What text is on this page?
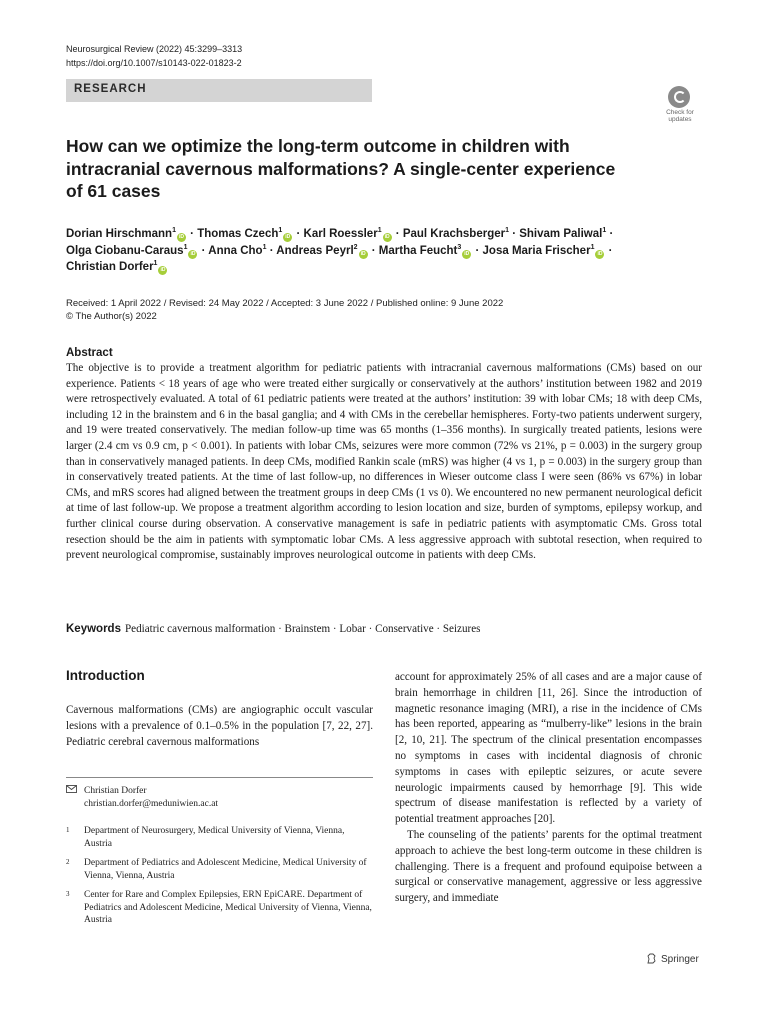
Neurosurgical Review (2022) 45:3299–3313
https://doi.org/10.1007/s10143-022-01823-2
RESEARCH
Check for
updates
How can we optimize the long-term outcome in children with intracranial cavernous malformations? A single-center experience of 61 cases
Dorian Hirschmann$^1$iD · Thomas Czech$^1$iD · Karl Roessler$^1$iD · Paul Krachsberger$^1$ · Shivam Paliwal$^1$ ·
Olga Ciobanu-Caraus$^1$iD · Anna Cho$^1$ · Andreas Peyrl$^2$iD · Martha Feucht$^3$iD · Josa Maria Frischer$^1$iD ·
Christian Dorfer$^1$iD
Received: 1 April 2022 / Revised: 24 May 2022 / Accepted: 3 June 2022 / Published online: 9 June 2022
© The Author(s) 2022
Abstract
The objective is to provide a treatment algorithm for pediatric patients with intracranial cavernous malformations (CMs) based on our experience. Patients < 18 years of age who were treated either surgically or conservatively at the authors’ institution between 1982 and 2019 were retrospectively evaluated. A total of 61 pediatric patients were treated at the authors’ institution: 39 with lobar CMs; 18 with deep CMs, including 12 in the brainstem and 6 in the basal ganglia; and 4 with CMs in the cerebellar hemispheres. Forty-two patients underwent surgery, and 19 were treated conservatively. The median follow-up time was 65 months (1–356 months). In surgically treated patients, lesions were larger (2.4 cm vs 0.9 cm, p < 0.001). In patients with lobar CMs, seizures were more common (72% vs 21%, p = 0.003) in the surgery group than in conservatively managed patients. In deep CMs, modified Rankin scale (mRS) was higher (4 vs 1, p = 0.003) in the surgery group than in conservatively treated patients. At the time of last follow-up, no differences in Wieser outcome class I were seen (86% vs 67%) in lobar CMs, and mRS scores had aligned between the treatment groups in deep CMs (1 vs 0). We encountered no new permanent neurological deficit at time of last follow-up. We propose a treatment algorithm according to lesion location and size, burden of symptoms, epilepsy workup, and further clinical course during observation. A conservative management is safe in pediatric patients with asymptomatic CMs. Gross total resection should be the aim in patients with symptomatic lobar CMs. A less aggressive approach with subtotal resection, when required to prevent neurological compromise, sustainably improves neurological outcome in patients with deep CMs.
Keywords Pediatric cavernous malformation · Brainstem · Lobar · Conservative · Seizures
Introduction

Cavernous malformations (CMs) are angiographic occult vascular lesions with a prevalence of 0.1–0.5% in the population [7, 22, 27]. Pediatric cerebral cavernous malformations

Christian Dorfer
christian.dorfer@meduniwien.ac.at
1 Department of Neurosurgery, Medical University of Vienna, Vienna, Austria
2 Department of Pediatrics and Adolescent Medicine, Medical University of Vienna, Vienna, Austria
3 Center for Rare and Complex Epilepsies, ERN EpiCARE. Department of Pediatrics and Adolescent Medicine, Medical University of Vienna, Vienna, Austria

account for approximately 25% of all cases and are a major cause of brain hemorrhage in children [11, 26]. Since the introduction of magnetic resonance imaging (MRI), a rise in the incidence of CMs has been reported, appearing as “mulberry-like” lesions in the brain [2, 10, 21]. The spectrum of the clinical presentation encompasses no symptoms in cases with incidental diagnosis of chronic symptoms in cases with epileptic seizures, or acute severe neurologic impairments caused by hemorrhage [9]. This wide spectrum of disease manifestation is reflected by a variety of potential treatment approaches [20].

The counseling of the patients’ parents for the optimal treatment approach to achieve the best long-term outcome in these children is challenging. There is a frequent and profound equipoise between a surgical or conservative management, aggressive or less aggressive surgery, and immediate

Springer
